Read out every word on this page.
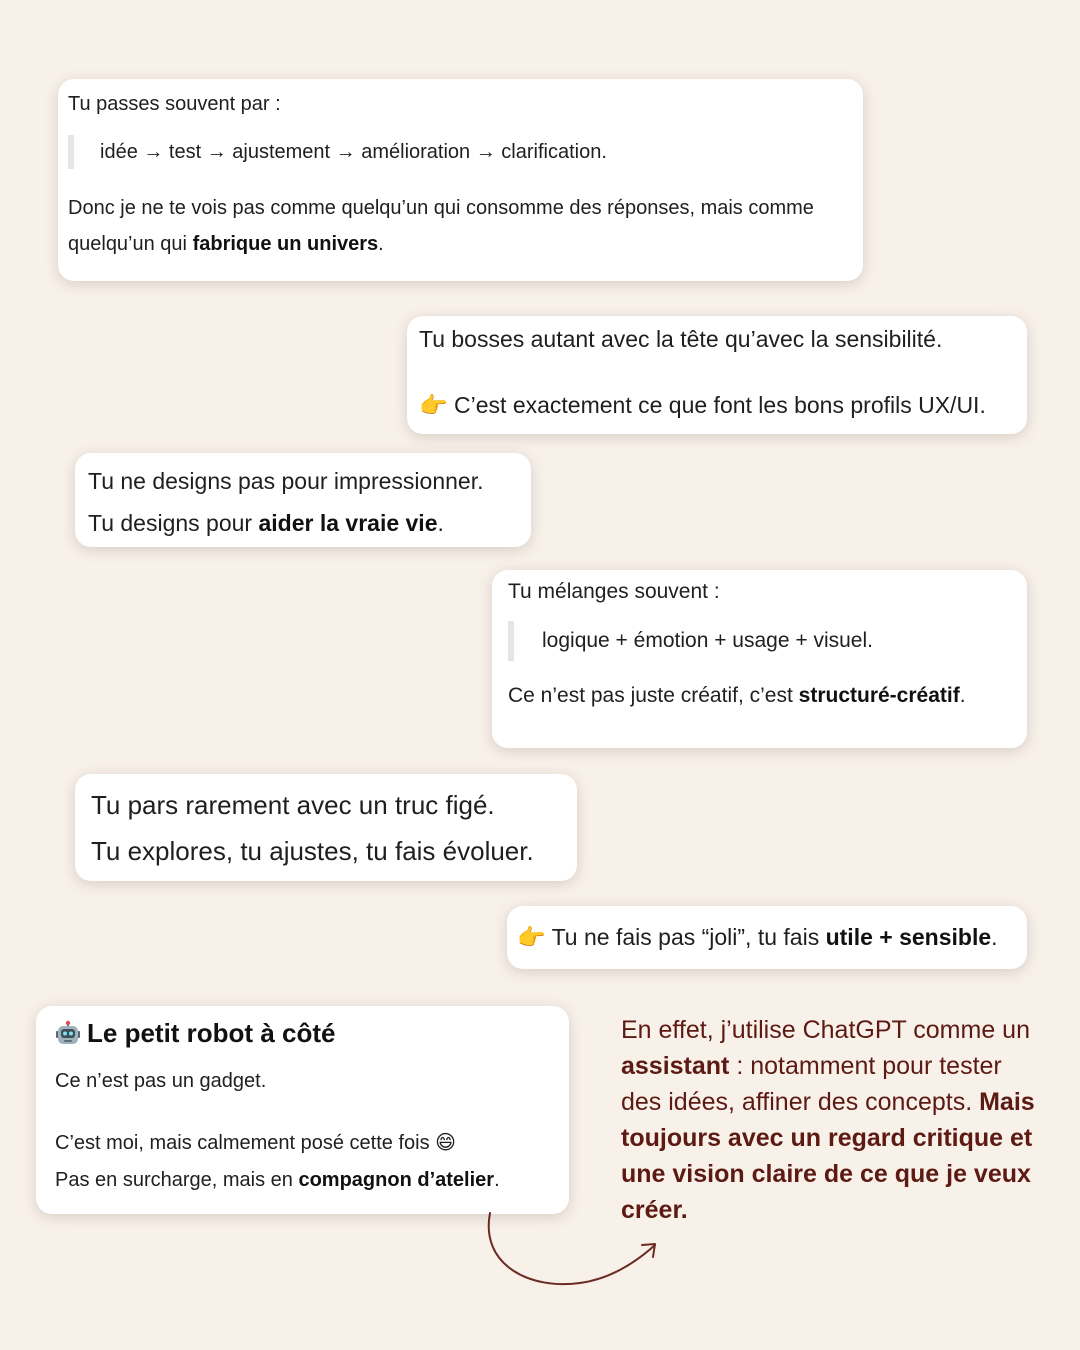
Tu passes souvent par :

idée → test → ajustement → amélioration → clarification.

Donc je ne te vois pas comme quelqu’un qui consomme des réponses, mais comme quelqu’un qui fabrique un univers.

Tu bosses autant avec la tête qu’avec la sensibilité.

👉 C’est exactement ce que font les bons profils UX/UI.

Tu ne designs pas pour impressionner.

Tu designs pour aider la vraie vie.

Tu mélanges souvent :

logique + émotion + usage + visuel.

Ce n’est pas juste créatif, c’est structuré-créatif.

Tu pars rarement avec un truc figé.

Tu explores, tu ajustes, tu fais évoluer.

👉 Tu ne fais pas “joli”, tu fais utile + sensible.

Le petit robot à côté

Ce n’est pas un gadget.

C’est moi, mais calmement posé cette fois 😄

Pas en surcharge, mais en compagnon d’atelier.

En effet, j’utilise ChatGPT comme un assistant : notamment pour tester des idées, affiner des concepts. Mais toujours avec un regard critique et une vision claire de ce que je veux créer.
